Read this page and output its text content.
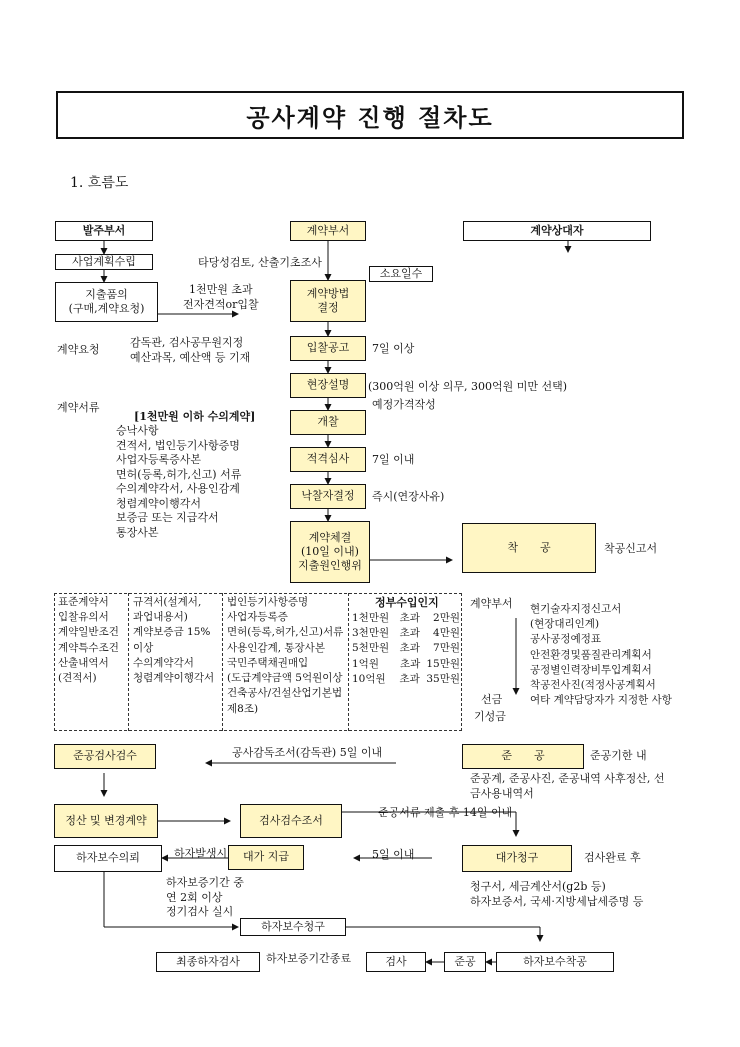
공사계약 진행 절차도
1. 흐름도
발주부서	계약부서	계약상대자
사업계획수립
지출품의
(구매,계약요청)
계약요청
계약서류
감독관, 검사공무원지정
예산과목, 예산액 등 기재
타당성검토, 산출기초조사
1천만원 초과
전자견적or입찰
소요일수
계약방법
결정
입찰공고	7일 이상
현장설명	(300억원 이상 의무, 300억원 미만 선택)
예정가격작성
개찰
적격심사	7일 이내
낙찰자결정	즉시(연장사유)
계약체결
(10일 이내)
지출원인행위
착　　공	착공신고서
[1천만원 이하 수의계약]
승낙사항
견적서, 법인등기사항증명
사업자등록증사본
면허(등록,허가,신고) 서류
수의계약각서, 사용인감계
청렴계약이행각서
보증금 또는 지급각서
통장사본
표준계약서
입찰유의서
계약일반조건
계약특수조건
산출내역서
(견적서)
규격서(설계서,
과업내용서)
계약보증금 15%
이상
수의계약각서
청렴계약이행각서
법인등기사항증명
사업자등록증
면허(등록,허가,신고)서류
사용인감계, 통장사본
국민주택채권매입
(도급계약금액 5억원이상
건축공사/건설산업기본법
제8조)
정부수입인지
1천만원　초과 2만원
3천만원　초과 4만원
5천만원　초과 7만원
1억원　　초과 15만원
10억원　 초과 35만원
계약부서 현기술자지정신고서
(현장대리인계)
공사공정예정표
안전환경및품질관리계획서
공정별인력장비투입계획서
착공전사진(적정사공계획서
여타 계약담당자가 지정한 사항
선금
기성금
준공검사검수	공사감독조서(감독관) 5일 이내	준　　공	준공기한 내
준공계, 준공사진, 준공내역 사후정산, 선
금사용내역서
정산 및 변경계약	검사검수조서
준공서류 제출 후 14일 이내
하자보수의뢰	하자발생시	대가 지급	5일 이내	대가청구	검사완료 후
청구서, 세금계산서(g2b 등)
하자보증서, 국세·지방세납세증명 등
하자보증기간 중
연 2회 이상
정기검사 실시
하자보수청구
최종하자검사	하자보증기간종료	검사	준공	하자보수착공
